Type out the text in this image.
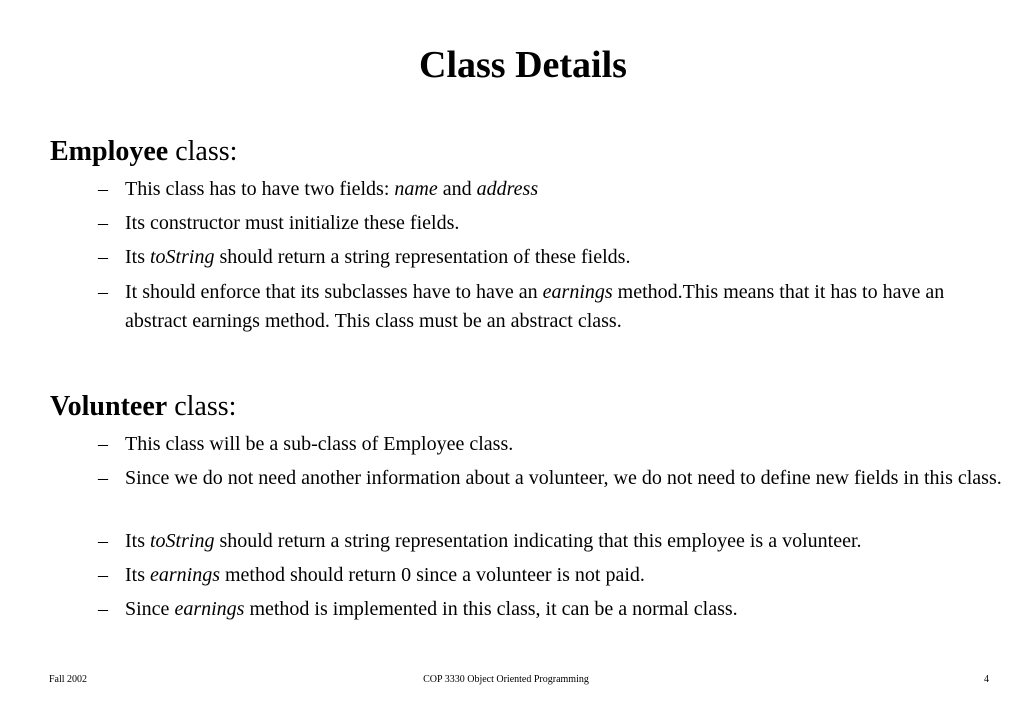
Class Details
Employee class:
– This class has to have two fields: name and address
– Its constructor must initialize these fields.
– Its toString should return a string representation of these fields.
– It should enforce that its subclasses have to have an earnings method.This means that it has to have an abstract earnings method. This class must be an abstract class.
Volunteer class:
– This class will be a sub-class of Employee class.
– Since we do not need another information about a volunteer, we do not need to define new fields in this class.
– Its toString should return a string representation indicating that this employee is a volunteer.
– Its earnings method should return 0 since a volunteer is not paid.
– Since earnings method is implemented in this class, it can be a normal class.
Fall 2002	COP 3330 Object Oriented Programming	4
